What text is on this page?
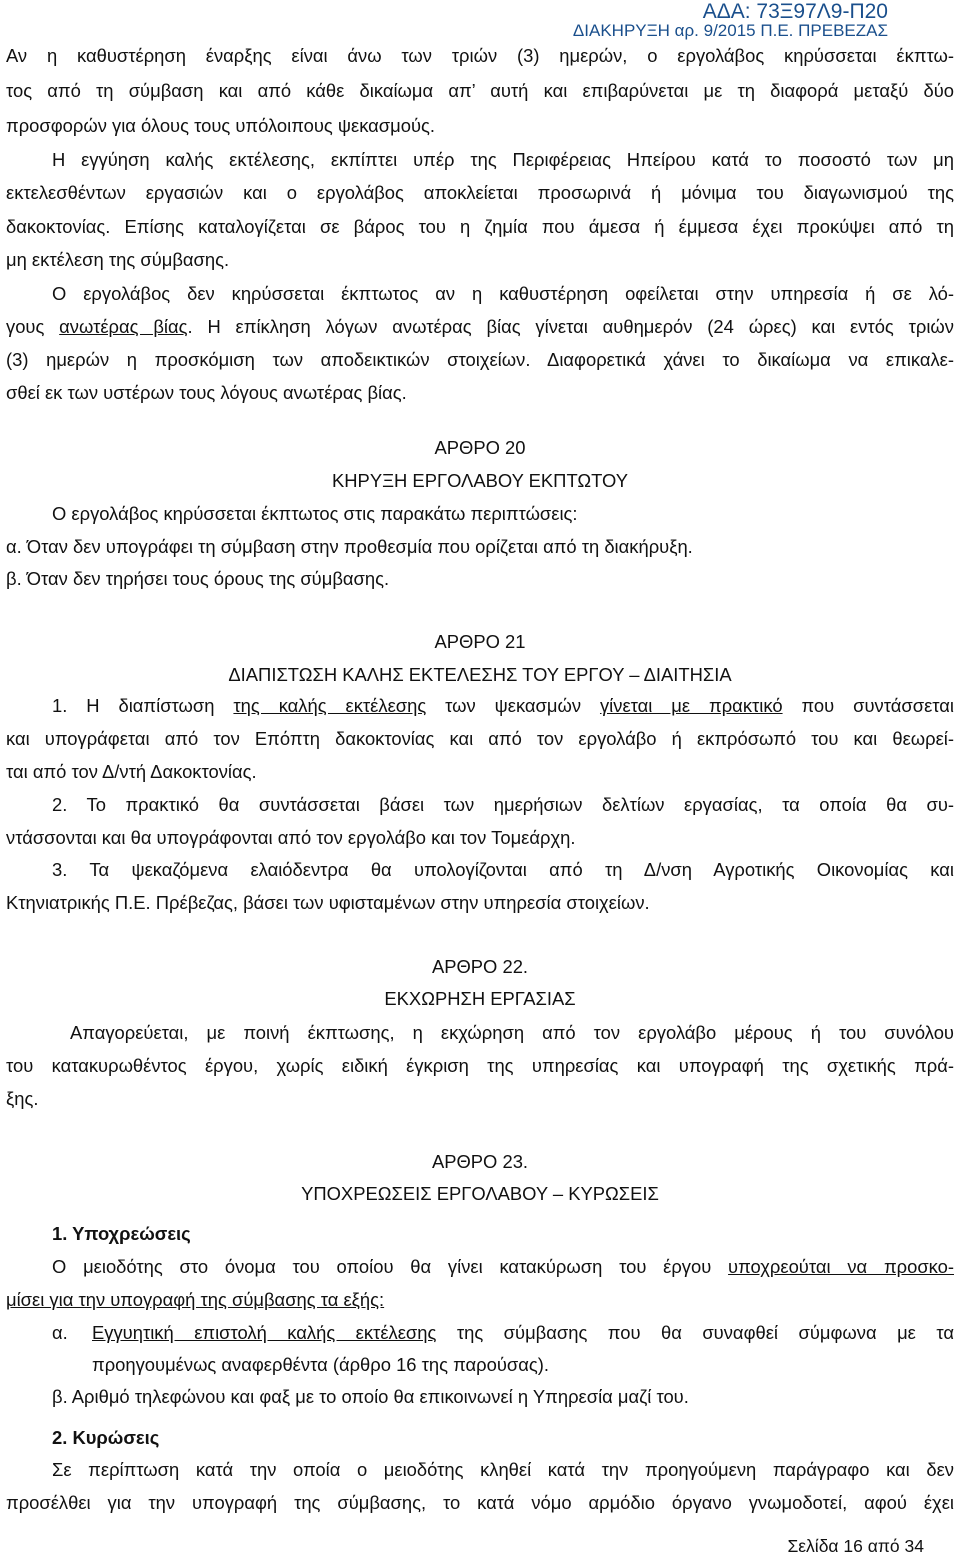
ΑΔΑ: 73Ξ97Λ9-Π20
ΔΙΑΚΗΡΥΞΗ αρ. 9/2015 Π.Ε. ΠΡΕΒΕΖΑΣ
Αν η καθυστέρηση έναρξης είναι άνω των τριών (3) ημερών, ο εργολάβος κηρύσσεται έκπτω-
τος από τη σύμβαση και από κάθε δικαίωμα απ’ αυτή και επιβαρύνεται με τη διαφορά μεταξύ δύο
προσφορών για όλους τους υπόλοιπους ψεκασμούς.
Η εγγύηση καλής εκτέλεσης, εκπίπτει υπέρ της Περιφέρειας Ηπείρου κατά το ποσοστό των μη
εκτελεσθέντων εργασιών και ο εργολάβος αποκλείεται προσωρινά ή μόνιμα του διαγωνισμού της
δακοκτονίας. Επίσης καταλογίζεται σε βάρος του η ζημία που άμεσα ή έμμεσα έχει προκύψει από τη
μη εκτέλεση της σύμβασης.
Ο εργολάβος δεν κηρύσσεται έκπτωτος αν η καθυστέρηση οφείλεται στην υπηρεσία ή σε λό-
γους ανωτέρας βίας. Η επίκληση λόγων ανωτέρας βίας γίνεται αυθημερόν (24 ώρες) και εντός τριών
(3) ημερών η προσκόμιση των αποδεικτικών στοιχείων. Διαφορετικά χάνει το δικαίωμα να επικαλε-
σθεί εκ των υστέρων τους λόγους ανωτέρας βίας.
ΑΡΘΡΟ 20
ΚΗΡΥΞΗ ΕΡΓΟΛΑΒΟΥ ΕΚΠΤΩΤΟΥ
Ο εργολάβος κηρύσσεται έκπτωτος στις παρακάτω περιπτώσεις:
α. Όταν δεν υπογράφει τη σύμβαση στην προθεσμία που ορίζεται από τη διακήρυξη.
β. Όταν δεν τηρήσει τους όρους της σύμβασης.
ΑΡΘΡΟ 21
ΔΙΑΠΙΣΤΩΣΗ ΚΑΛΗΣ ΕΚΤΕΛΕΣΗΣ ΤΟΥ ΕΡΓΟΥ – ΔΙΑΙΤΗΣΙΑ
1. Η διαπίστωση της καλής εκτέλεσης των ψεκασμών γίνεται με πρακτικό που συντάσσεται
και υπογράφεται από τον Επόπτη δακοκτονίας και από τον εργολάβο ή εκπρόσωπό του και θεωρεί-
ται από τον Δ/ντή Δακοκτονίας.
2. Το πρακτικό θα συντάσσεται βάσει των ημερήσιων δελτίων εργασίας, τα οποία θα συ-
ντάσσονται και θα υπογράφονται από τον εργολάβο και τον Τομεάρχη.
3. Τα ψεκαζόμενα ελαιόδεντρα θα υπολογίζονται από τη Δ/νση Αγροτικής Οικονομίας και
Κτηνιατρικής Π.Ε. Πρέβεζας, βάσει των υφισταμένων στην υπηρεσία στοιχείων.
ΑΡΘΡΟ 22.
ΕΚΧΩΡΗΣΗ ΕΡΓΑΣΙΑΣ
Απαγορεύεται, με ποινή έκπτωσης, η εκχώρηση από τον εργολάβο μέρους ή του συνόλου
του κατακυρωθέντος έργου, χωρίς ειδική έγκριση της υπηρεσίας και υπογραφή της σχετικής πρά-
ξης.
ΑΡΘΡΟ 23.
ΥΠΟΧΡΕΩΣΕΙΣ ΕΡΓΟΛΑΒΟΥ – ΚΥΡΩΣΕΙΣ
1. Υποχρεώσεις
Ο μειοδότης στο όνομα του οποίου θα γίνει κατακύρωση του έργου υποχρεούται να προσκο-
μίσει για την υπογραφή της σύμβασης τα εξής:
α.	Εγγυητική επιστολή καλής εκτέλεσης της σύμβασης που θα συναφθεί σύμφωνα με τα
προηγουμένως αναφερθέντα (άρθρο 16 της παρούσας).
β. Αριθμό τηλεφώνου και φαξ με το οποίο θα επικοινωνεί η Υπηρεσία μαζί του.
2. Κυρώσεις
Σε περίπτωση κατά την οποία ο μειοδότης κληθεί κατά την προηγούμενη παράγραφο και δεν
προσέλθει για την υπογραφή της σύμβασης, το κατά νόμο αρμόδιο όργανο γνωμοδοτεί, αφού έχει
Σελίδα 16 από 34
